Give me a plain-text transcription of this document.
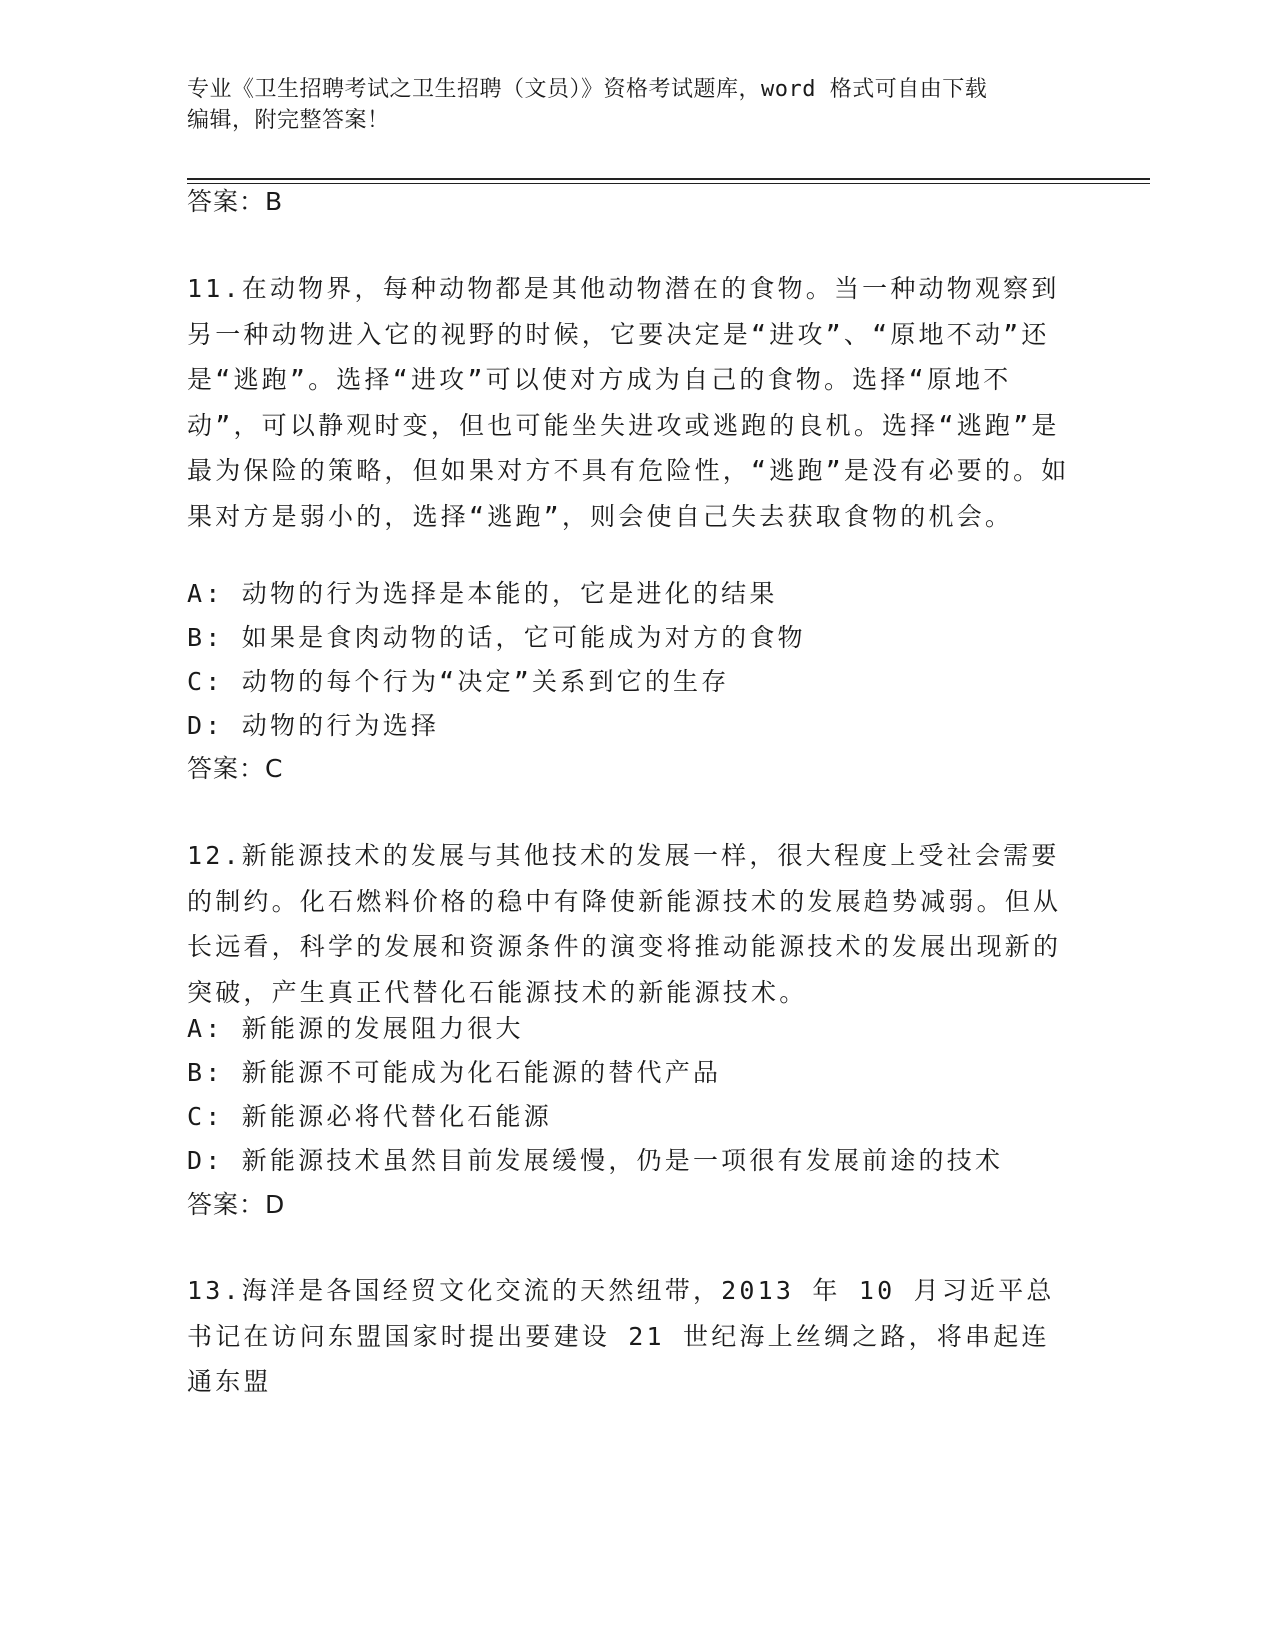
专业《卫生招聘考试之卫生招聘（文员）》资格考试题库，word 格式可自由下载
编辑，附完整答案！
答案：B
11.在动物界，每种动物都是其他动物潜在的食物。当一种动物观察到另一种动物进入它的视野的时候，它要决定是“进攻”、“原地不动”还是“逃跑”。选择“进攻”可以使对方成为自己的食物。选择“原地不动”，可以静观时变，但也可能坐失进攻或逃跑的良机。选择“逃跑”是最为保险的策略，但如果对方不具有危险性，“逃跑”是没有必要的。如果对方是弱小的，选择“逃跑”，则会使自己失去获取食物的机会。
A: 动物的行为选择是本能的，它是进化的结果
B: 如果是食肉动物的话，它可能成为对方的食物
C: 动物的每个行为“决定”关系到它的生存
D: 动物的行为选择
答案：C
12.新能源技术的发展与其他技术的发展一样，很大程度上受社会需要的制约。化石燃料价格的稳中有降使新能源技术的发展趋势减弱。但从长远看，科学的发展和资源条件的演变将推动能源技术的发展出现新的突破，产生真正代替化石能源技术的新能源技术。
A: 新能源的发展阻力很大
B: 新能源不可能成为化石能源的替代产品
C: 新能源必将代替化石能源
D: 新能源技术虽然目前发展缓慢，仍是一项很有发展前途的技术
答案：D
13.海洋是各国经贸文化交流的天然纽带，2013 年 10 月习近平总书记在访问东盟国家时提出要建设 21 世纪海上丝绸之路，将串起连通东盟
